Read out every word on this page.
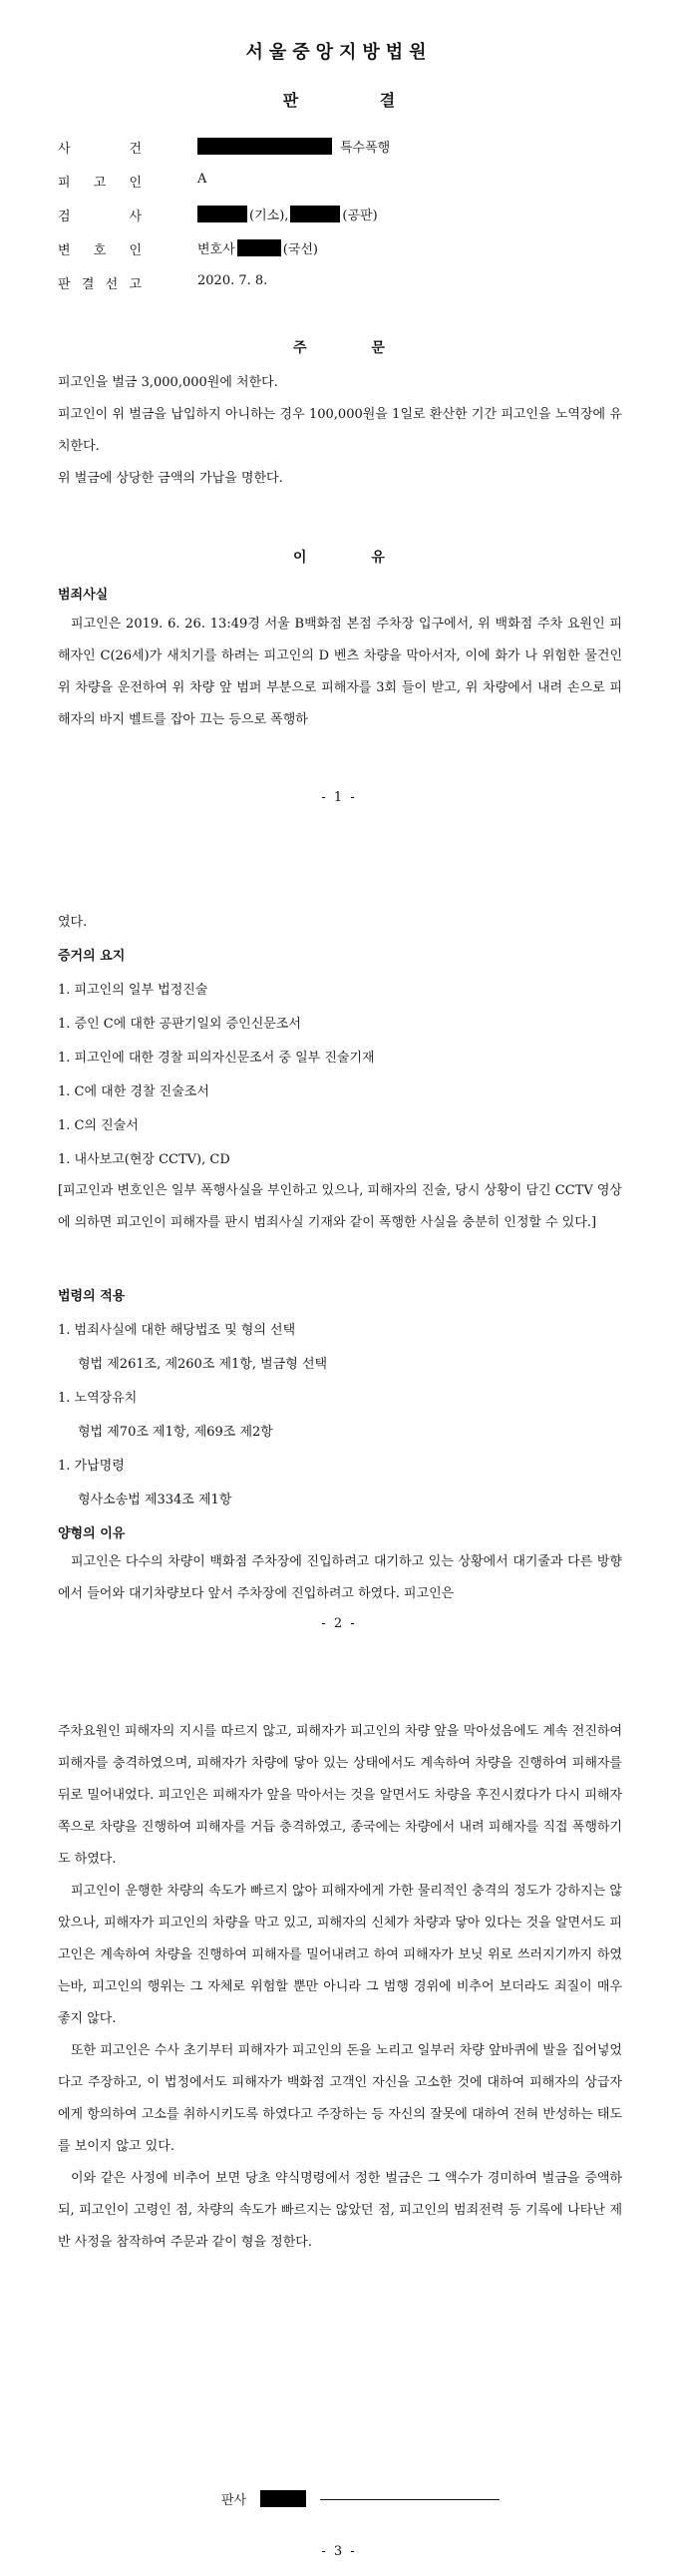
서울중앙지방법원
판 결
사	건	특수폭행
피 고 인	A
검	사	(기소),	(공판)
변 호 인	변호사	(국선)
판 결 선 고	2020. 7. 8.
주 문

피고인을 벌금 3,000,000원에 처한다.

피고인이 위 벌금을 납입하지 아니하는 경우 100,000원을 1일로 환산한 기간 피고인을 노역장에 유치한다.

위 벌금에 상당한 금액의 가납을 명한다.

이 유
범죄사실

피고인은 2019. 6. 26. 13:49경 서울 B백화점 본점 주차장 입구에서, 위 백화점 주차 요원인 피해자인 C(26세)가 새치기를 하려는 피고인의 D 벤츠 차량을 막아서자, 이에 화가 나 위험한 물건인 위 차량을 운전하여 위 차량 앞 범퍼 부분으로 피해자를 3회 들이 받고, 위 차량에서 내려 손으로 피해자의 바지 벨트를 잡아 끄는 등으로 폭행하

- 1 -
였다.
증거의 요지
1. 피고인의 일부 법정진술
1. 증인 C에 대한 공판기일외 증인신문조서
1. 피고인에 대한 경찰 피의자신문조서 중 일부 진술기재
1. C에 대한 경찰 진술조서
1. C의 진술서
1. 내사보고(현장 CCTV), CD

[피고인과 변호인은 일부 폭행사실을 부인하고 있으나, 피해자의 진술, 당시 상황이 담긴 CCTV 영상에 의하면 피고인이 피해자를 판시 범죄사실 기재와 같이 폭행한 사실을 충분히 인정할 수 있다.]

법령의 적용
1. 범죄사실에 대한 해당법조 및 형의 선택
형법 제261조, 제260조 제1항, 벌금형 선택
1. 노역장유치
형법 제70조 제1항, 제69조 제2항
1. 가납명령
형사소송법 제334조 제1항
양형의 이유

피고인은 다수의 차량이 백화점 주차장에 진입하려고 대기하고 있는 상황에서 대기줄과 다른 방향에서 들어와 대기차량보다 앞서 주차장에 진입하려고 하였다. 피고인은

- 2 -

주차요원인 피해자의 지시를 따르지 않고, 피해자가 피고인의 차량 앞을 막아섰음에도 계속 전진하여 피해자를 충격하였으며, 피해자가 차량에 닿아 있는 상태에서도 계속하여 차량을 진행하여 피해자를 뒤로 밀어내었다. 피고인은 피해자가 앞을 막아서는 것을 알면서도 차량을 후진시켰다가 다시 피해자 쪽으로 차량을 진행하여 피해자를 거듭 충격하였고, 종국에는 차량에서 내려 피해자를 직접 폭행하기도 하였다.

피고인이 운행한 차량의 속도가 빠르지 않아 피해자에게 가한 물리적인 충격의 정도가 강하지는 않았으나, 피해자가 피고인의 차량을 막고 있고, 피해자의 신체가 차량과 닿아 있다는 것을 알면서도 피고인은 계속하여 차량을 진행하여 피해자를 밀어내려고 하여 피해자가 보닛 위로 쓰러지기까지 하였는바, 피고인의 행위는 그 자체로 위험할 뿐만 아니라 그 범행 경위에 비추어 보더라도 죄질이 매우 좋지 않다.

또한 피고인은 수사 초기부터 피해자가 피고인의 돈을 노리고 일부러 차량 앞바퀴에 발을 집어넣었다고 주장하고, 이 법정에서도 피해자가 백화점 고객인 자신을 고소한 것에 대하여 피해자의 상급자에게 항의하여 고소를 취하시키도록 하였다고 주장하는 등 자신의 잘못에 대하여 전혀 반성하는 태도를 보이지 않고 있다.

이와 같은 사정에 비추어 보면 당초 약식명령에서 정한 벌금은 그 액수가 경미하여 벌금을 증액하되, 피고인이 고령인 점, 차량의 속도가 빠르지는 않았던 점, 피고인의 범죄전력 등 기록에 나타난 제반 사정을 참작하여 주문과 같이 형을 정한다.

판사
- 3 -
